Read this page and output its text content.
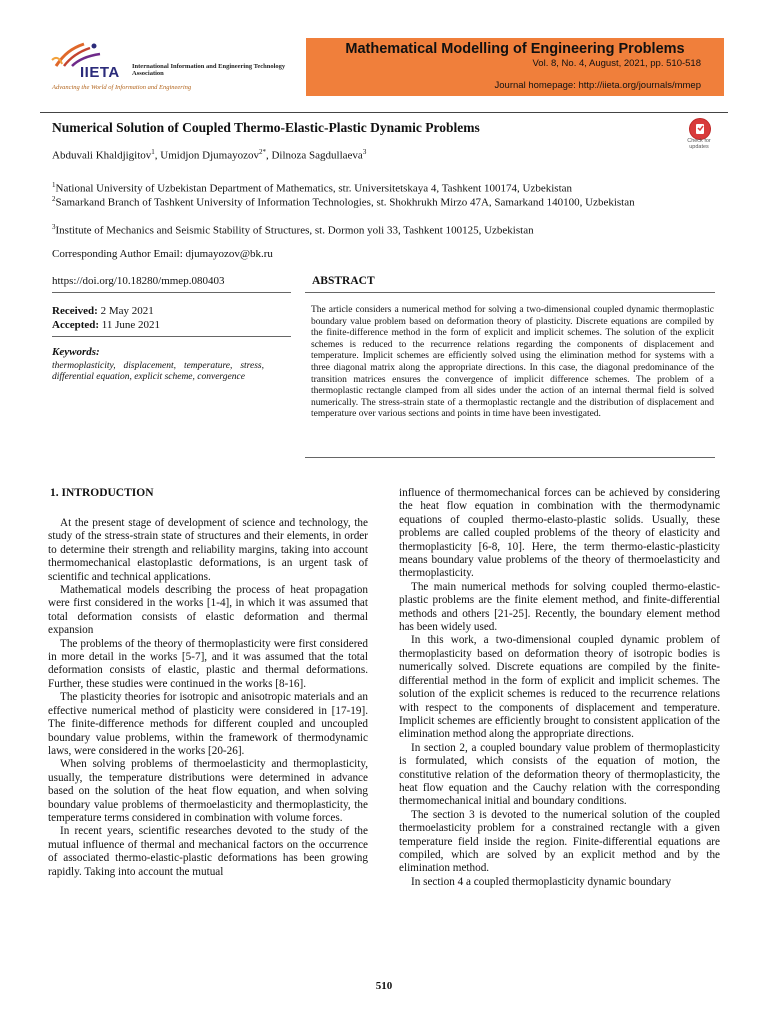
IIETA International Information and Engineering Technology Association
Advancing the World of Information and Engineering
Mathematical Modelling of Engineering Problems
Vol. 8, No. 4, August, 2021, pp. 510-518
Journal homepage: http://iieta.org/journals/mmep
Numerical Solution of Coupled Thermo-Elastic-Plastic Dynamic Problems
Check for updates
Abduvali Khaldjigitov$^1$, Umidjon Djumayozov$^{2*}$, Dilnoza Sagdullaeva$^3$
$^1$National University of Uzbekistan Department of Mathematics, str. Universitetskaya 4, Tashkent 100174, Uzbekistan
$^2$Samarkand Branch of Tashkent University of Information Technologies, st. Shokhrukh Mirzo 47A, Samarkand 140100, Uzbekistan
$^3$Institute of Mechanics and Seismic Stability of Structures, st. Dormon yoli 33, Tashkent 100125, Uzbekistan
Corresponding Author Email: djumayozov@bk.ru
https://doi.org/10.18280/mmep.080403	ABSTRACT
Received: 2 May 2021
Accepted: 11 June 2021
Keywords:
thermoplasticity, displacement, temperature, stress, differential equation, explicit scheme, convergence
The article considers a numerical method for solving a two-dimensional coupled dynamic thermoplastic boundary value problem based on deformation theory of plasticity. Discrete equations are compiled by the finite-difference method in the form of explicit and implicit schemes. The solution of the explicit schemes is reduced to the recurrence relations regarding the components of displacement and temperature. Implicit schemes are efficiently solved using the elimination method for systems with a three diagonal matrix along the appropriate directions. In this case, the diagonal predominance of the transition matrices ensures the convergence of implicit difference schemes. The problem of a thermoplastic rectangle clamped from all sides under the action of an internal thermal field is solved numerically. The stress-strain state of a thermoplastic rectangle and the distribution of displacement and temperature over various sections and points in time have been investigated.
1. INTRODUCTION

At the present stage of development of science and technology, the study of the stress-strain state of structures and their elements, in order to determine their strength and reliability margins, taking into account thermomechanical elastoplastic deformations, is an urgent task of scientific and technical applications.

Mathematical models describing the process of heat propagation were first considered in the works [1-4], in which it was assumed that total deformation consists of elastic deformation and thermal expansion

The problems of the theory of thermoplasticity were first considered in more detail in the works [5-7], and it was assumed that the total deformation consists of elastic, plastic and thermal deformations. Further, these studies were continued in the works [8-16].

The plasticity theories for isotropic and anisotropic materials and an effective numerical method of plasticity were considered in [17-19]. The finite-difference methods for different coupled and uncoupled boundary value problems, within the framework of thermodynamic laws, were considered in the works [20-26].

When solving problems of thermoelasticity and thermoplasticity, usually, the temperature distributions were determined in advance based on the solution of the heat flow equation, and when solving boundary value problems of thermoelasticity and thermoplasticity, the temperature terms considered in combination with volume forces.

In recent years, scientific researches devoted to the study of the mutual influence of thermal and mechanical factors on the occurrence of associated thermo-elastic-plastic deformations has been growing rapidly. Taking into account the mutual

influence of thermomechanical forces can be achieved by considering the heat flow equation in combination with the thermodynamic equations of coupled thermo-elasto-plastic solids. Usually, these problems are called coupled problems of the theory of elasticity and thermoplasticity [6-8, 10]. Here, the term thermo-elastic-plasticity means boundary value problems of the theory of thermoelasticity and thermoplasticity.

The main numerical methods for solving coupled thermo-elastic-plastic problems are the finite element method, and finite-differential methods and others [21-25]. Recently, the boundary element method has been widely used.

In this work, a two-dimensional coupled dynamic problem of thermoplasticity based on deformation theory of isotropic bodies is numerically solved. Discrete equations are compiled by the finite-differential method in the form of explicit and implicit schemes. The solution of the explicit schemes is reduced to the recurrence relations with respect to the components of displacement and temperature. Implicit schemes are efficiently brought to consistent application of the elimination method along the appropriate directions.

In section 2, a coupled boundary value problem of thermoplasticity is formulated, which consists of the equation of motion, the constitutive relation of the deformation theory of thermoplasticity, the heat flow equation and the Cauchy relation with the corresponding thermomechanical initial and boundary conditions.

The section 3 is devoted to the numerical solution of the coupled thermoelasticity problem for a constrained rectangle with a given temperature field inside the region. Finite-differential equations are compiled, which are solved by an explicit method and by the elimination method.

In section 4 a coupled thermoplasticity dynamic boundary

510
